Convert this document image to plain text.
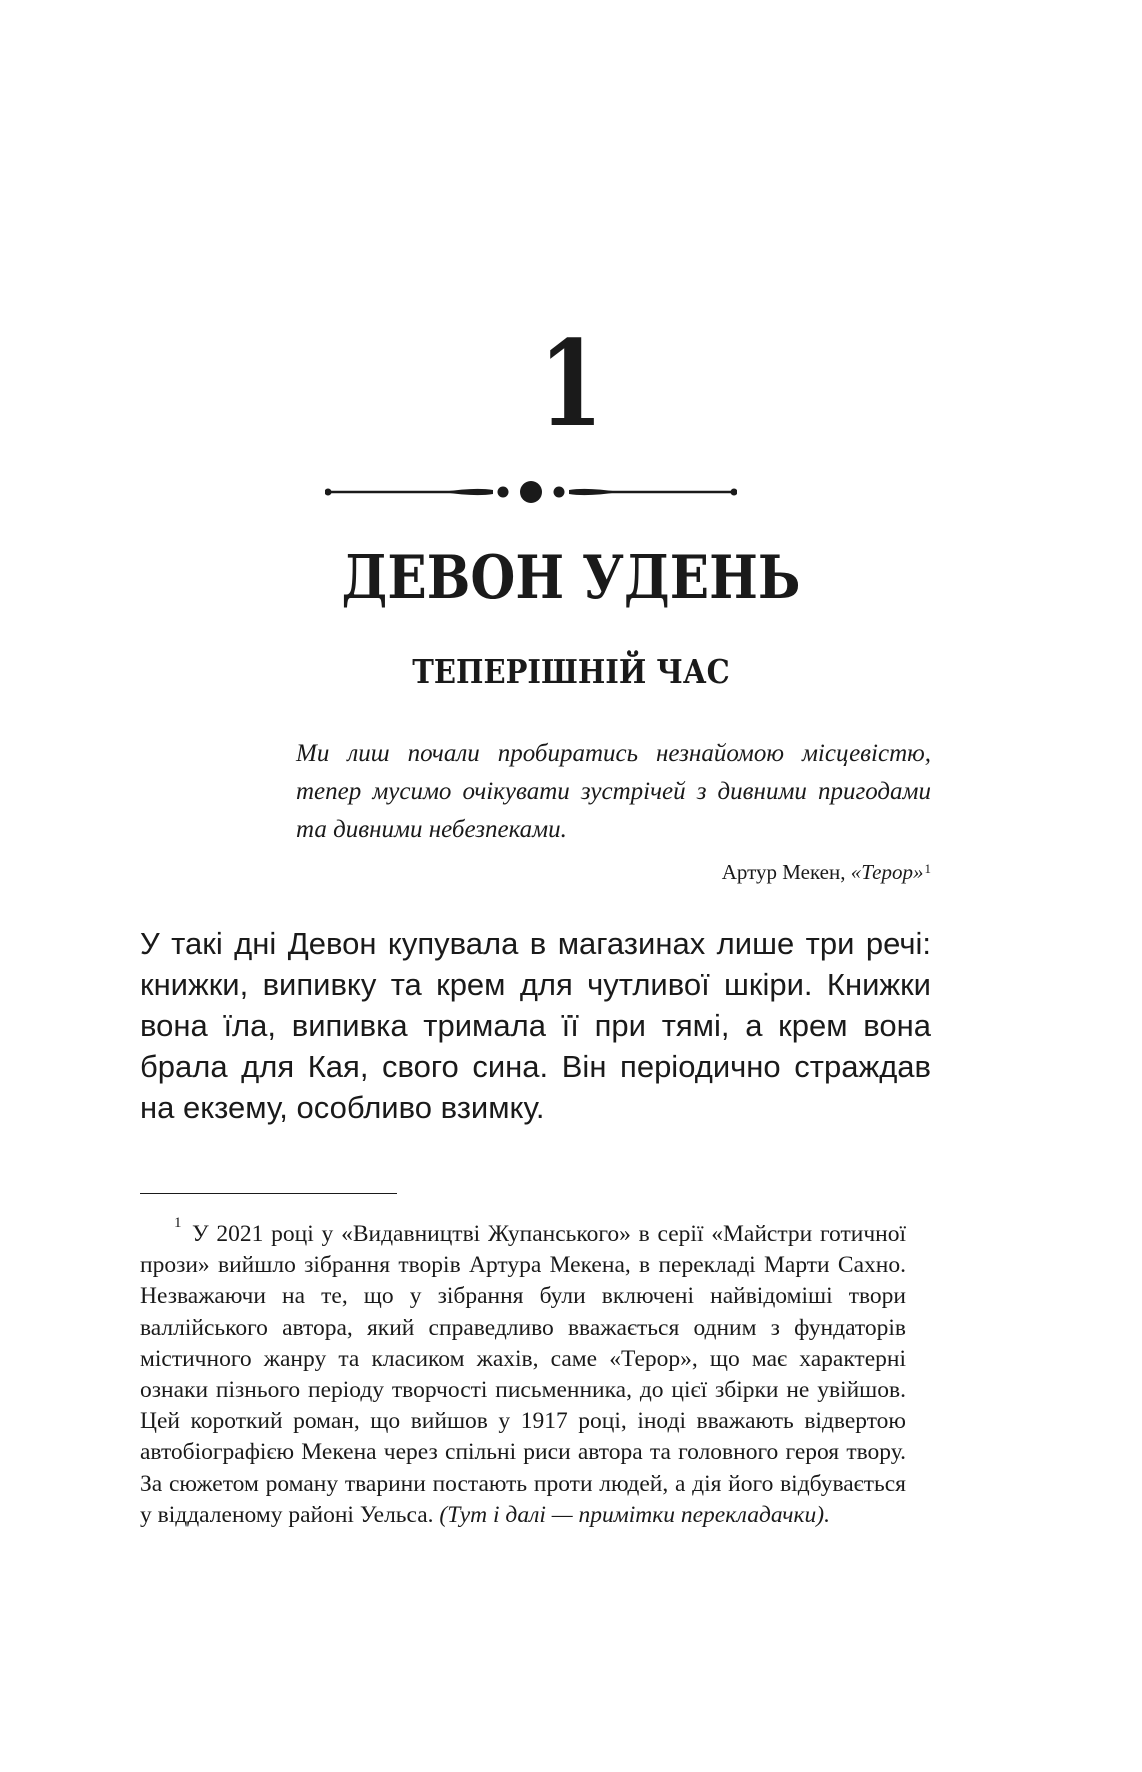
1
ДЕВОН УДЕНЬ
ТЕПЕРІШНІЙ ЧАС

Ми лиш почали пробиратись незнайомою місцевістю, тепер мусимо очікувати зустрічей з дивними пригодами та дивними небезпеками.

Артур Мекен, «Терор»$^1$

У такі дні Девон купувала в магазинах лише три речі: книжки, випивку та крем для чутливої шкіри. Книжки вона їла, випивка тримала її при тямі, а крем вона брала для Кая, свого сина. Він періодично страждав на екзему, особливо взимку.

1 У 2021 році у «Видавництві Жупанського» в серії «Майстри готичної прози» вийшло зібрання творів Артура Мекена, в перекладі Марти Сахно. Незважаючи на те, що у зібрання були включені найвідоміші твори валлійського автора, який справедливо вважається одним з фундаторів містичного жанру та класиком жахів, саме «Терор», що має характерні ознаки пізнього періоду творчості письменника, до цієї збірки не увійшов. Цей короткий роман, що вийшов у 1917 році, іноді вважають відвертою автобіографією Мекена через спільні риси автора та головного героя твору. За сюжетом роману тварини постають проти людей, а дія його відбувається у віддаленому районі Уельса. (Тут і далі — примітки перекладачки).
